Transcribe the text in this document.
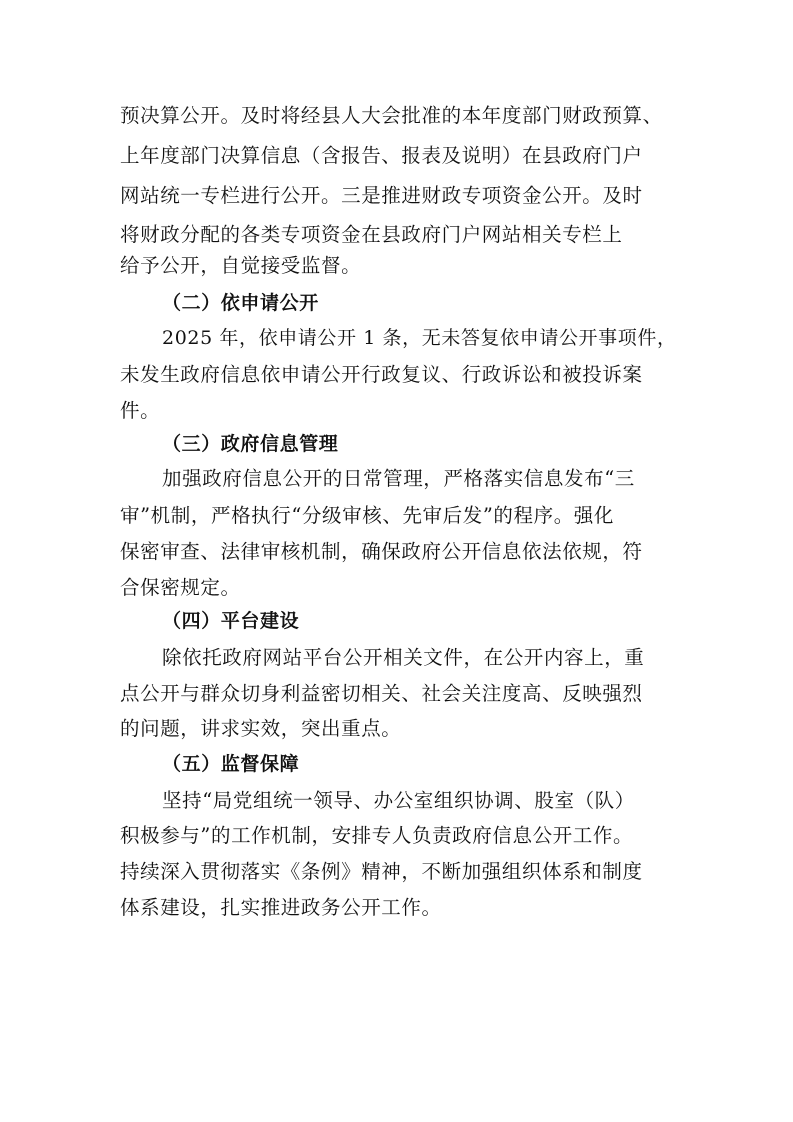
预决算公开。及时将经县人大会批准的本年度部门财政预算、
上年度部门决算信息（含报告、报表及说明）在县政府门户
网站统一专栏进行公开。三是推进财政专项资金公开。及时
将财政分配的各类专项资金在县政府门户网站相关专栏上
给予公开，自觉接受监督。
（二）依申请公开
2025 年，依申请公开 1 条，无未答复依申请公开事项件，
未发生政府信息依申请公开行政复议、行政诉讼和被投诉案
件。
（三）政府信息管理
加强政府信息公开的日常管理，严格落实信息发布“三
审”机制，严格执行“分级审核、先审后发”的程序。强化
保密审查、法律审核机制，确保政府公开信息依法依规，符
合保密规定。
（四）平台建设
除依托政府网站平台公开相关文件，在公开内容上，重
点公开与群众切身利益密切相关、社会关注度高、反映强烈
的问题，讲求实效，突出重点。
（五）监督保障
坚持“局党组统一领导、办公室组织协调、股室（队）
积极参与”的工作机制，安排专人负责政府信息公开工作。
持续深入贯彻落实《条例》精神，不断加强组织体系和制度
体系建设，扎实推进政务公开工作。
